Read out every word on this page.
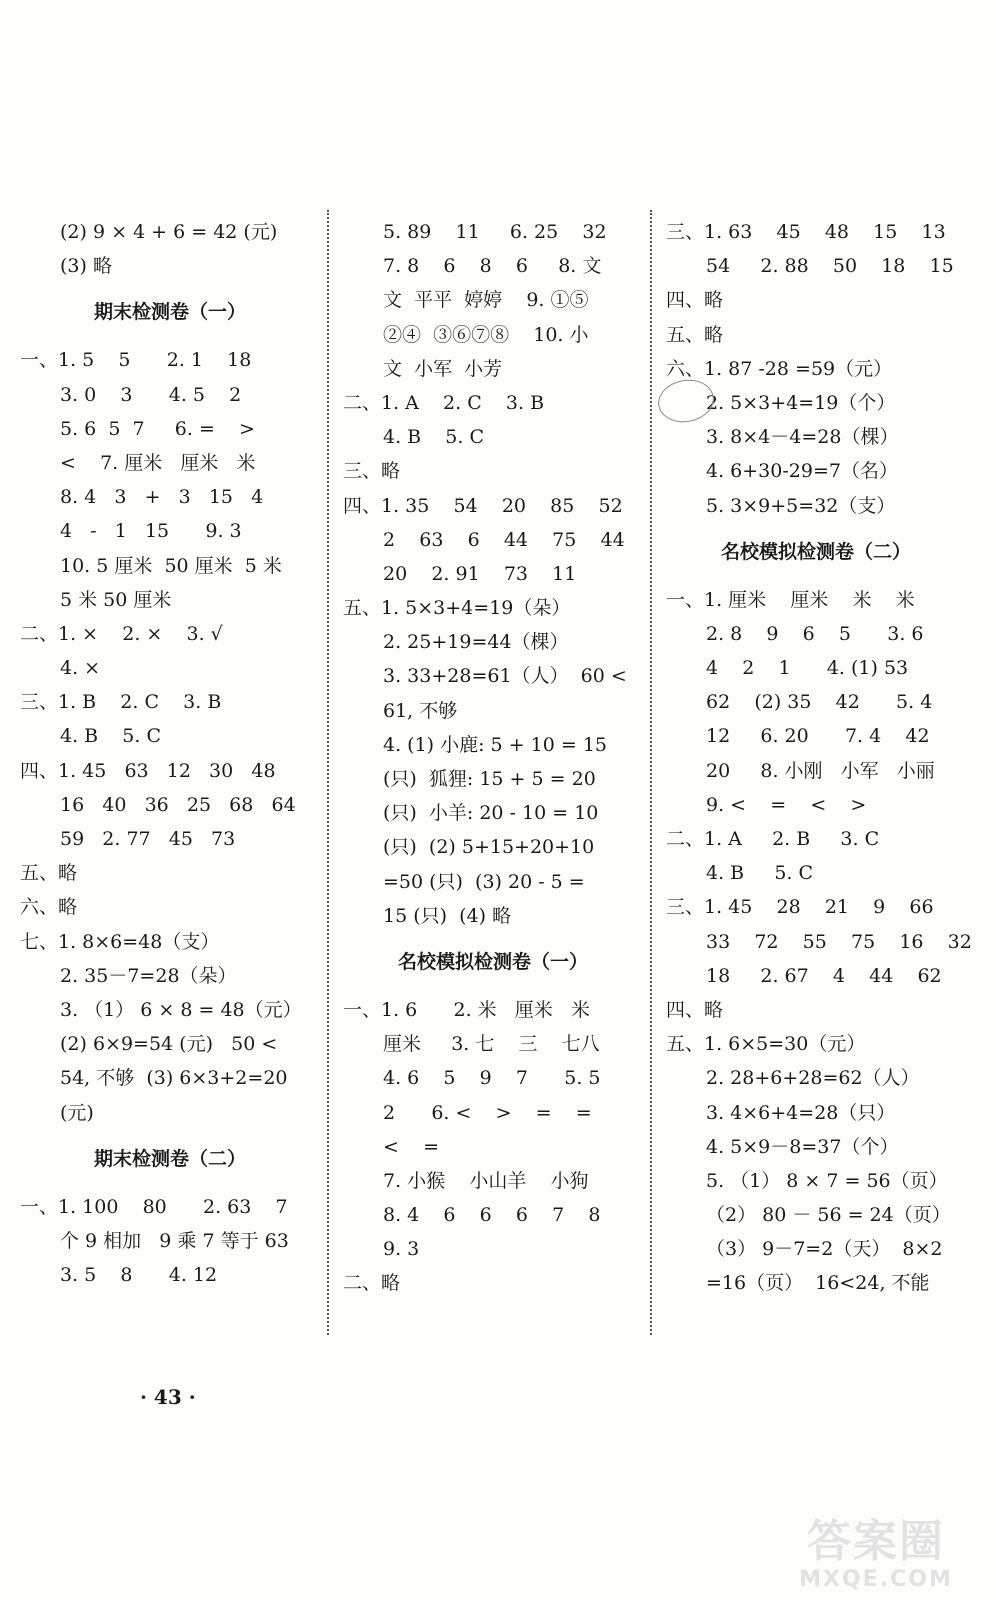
(2) 9 × 4 + 6 = 42 (元)
(3) 略
期末检测卷（一）
一、1. 5    5      2. 1    18
3. 0    3      4. 5    2
5. 6  5  7     6. =    >
<    7. 厘米   厘米   米
8. 4   3   +   3   15   4
4   -   1   15      9. 3
10. 5 厘米  50 厘米  5 米
5 米 50 厘米
二、1. ×    2. ×    3. √
4. ×
三、1. B    2. C    3. B
4. B    5. C
四、1. 45   63   12   30   48
16   40   36   25   68   64
59   2. 77   45   73
五、略
六、略
七、1. 8×6=48（支）
2. 35－7=28（朵）
3. （1） 6 × 8 = 48（元）
(2) 6×9=54 (元)   50 <
54, 不够  (3) 6×3+2=20
(元)
期末检测卷（二）
一、1. 100    80      2. 63    7
个 9 相加   9 乘 7 等于 63
3. 5    8      4. 12
5. 89    11     6. 25    32
7. 8    6    8    6     8. 文
文  平平  婷婷    9. ①⑤
②④  ③⑥⑦⑧    10. 小
文  小军  小芳
二、1. A    2. C    3. B
4. B    5. C
三、略
四、1. 35    54    20    85    52
2    63    6    44    75    44
20    2. 91    73    11
五、1. 5×3+4=19（朵）
2. 25+19=44（棵）
3. 33+28=61（人）  60 <
61, 不够
4. (1) 小鹿: 5 + 10 = 15
(只)  狐狸: 15 + 5 = 20
(只)  小羊: 20 - 10 = 10
(只)  (2) 5+15+20+10
=50 (只)  (3) 20 - 5 =
15 (只)  (4) 略
名校模拟检测卷（一）
一、1. 6      2. 米   厘米   米
厘米     3. 七    三    七八
4. 6    5    9    7      5. 5
2      6. <    >    =    =
<    =
7. 小猴    小山羊    小狗
8. 4    6    6    6    7    8
9. 3
二、略
三、1. 63    45    48    15    13
54     2. 88    50    18    15
四、略
五、略
六、1. 87 -28 =59（元）
2. 5×3+4=19（个）
3. 8×4－4=28（棵）
4. 6+30-29=7（名）
5. 3×9+5=32（支）
名校模拟检测卷（二）
一、1. 厘米    厘米    米    米
2. 8    9    6    5      3. 6
4    2    1      4. (1) 53
62    (2) 35    42      5. 4
12     6. 20      7. 4    42
20     8. 小刚   小军   小丽
9. <    =    <    >
二、1. A     2. B     3. C
4. B     5. C
三、1. 45    28    21    9    66
33    72    55    75    16    32
18     2. 67    4    44    62
四、略
五、1. 6×5=30（元）
2. 28+6+28=62（人）
3. 4×6+4=28（只）
4. 5×9－8=37（个）
5. （1） 8 × 7 = 56（页）
（2） 80 － 56 = 24（页）
（3） 9－7=2（天）  8×2
=16（页）  16<24, 不能
· 43 ·
答案圈
MXQE.COM
